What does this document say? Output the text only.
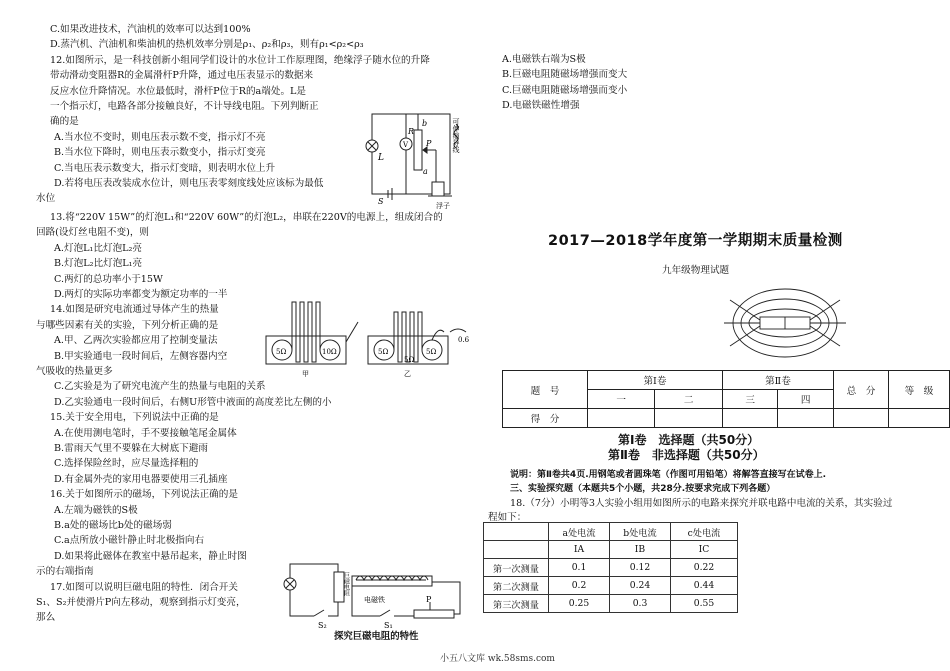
C.如果改进技术，汽油机的效率可以达到100%
D.蒸汽机、汽油机和柴油机的热机效率分别是ρ₁、ρ₂和ρ₃，则有ρ₁<ρ₂<ρ₃
12.如图所示，是一科技创新小组同学们设计的水位计工作原理图，绝缘浮子随水位的升降
带动滑动变阻器R的金属滑杆P升降，通过电压表显示的数据来
反应水位升降情况。水位最低时，滑杆P位于R的a端处。L是
一个指示灯，电路各部分接触良好，不计导线电阻。下列判断正
确的是
A.当水位不变时，则电压表示数不变，指示灯不亮
B.当水位下降时，则电压表示数变小，指示灯变亮
C.当电压表示数变大，指示灯变暗，则表明水位上升
D.若将电压表改装成水位计，则电压表零刻度线处应该标为最低
水位
13.将“220V 15W”的灯泡L₁和“220V 60W”的灯泡L₂，串联在220V的电源上，组成闭合的
回路(设灯丝电阻不变)，则
A.灯泡L₁比灯泡L₂亮
B.灯泡L₂比灯泡L₁亮
C.两灯的总功率小于15W
D.两灯的实际功率都变为额定功率的一半
14.如图是研究电流通过导体产生的热量
与哪些因素有关的实验，下列分析正确的是
A.甲、乙两次实验都应用了控制变量法
B.甲实验通电一段时间后，左侧容器内空
气吸收的热量更多
C.乙实验是为了研究电流产生的热量与电阻的关系
D.乙实验通电一段时间后，右侧U形管中液面的高度差比左侧的小
15.关于安全用电，下列说法中正确的是
A.在使用测电笔时，手不要接触笔尾金属体
B.雷雨天气里不要躲在大树底下避雨
C.选择保险丝时，应尽量选择粗的
D.有金属外壳的家用电器要使用三孔插座
16.关于如图所示的磁场，下列说法正确的是
A.左端为磁铁的S极
B.a处的磁场比b处的磁场弱
C.a点所放小磁针静止时北极指向右
D.如果将此磁体在教室中悬吊起来，静止时图
示的右端指南
17.如图可以说明巨磁电阻的特性．闭合开关
S₁、S₂并使滑片P向左移动，观察到指示灯变亮，
那么
L
V
b
a
R
P
S
可伸缩导线
浮子
5Ω	10Ω	5Ω
5Ω
5Ω
甲	乙
0.6
巨磁电阻
S₂	S₁
P
电磁铁
探究巨磁电阻的特性
A.电磁铁右端为S极
B.巨磁电阻随磁场增强而变大
C.巨磁电阻随磁场增强而变小
D.电磁铁磁性增强
2017—2018学年度第一学期期末质量检测
九年级物理试题
题　号	第Ⅰ卷		第Ⅱ卷		总　分	等　级
	一	二	三	四		
得　分						
第Ⅰ卷　选择题（共50分）
第Ⅱ卷　非选择题（共50分）
说明：第Ⅱ卷共4页.用钢笔或者圆珠笔（作图可用铅笔）将解答直接写在试卷上.
三、实验探究题（本题共5个小题，共28分.按要求完成下列各题）
18.（7分）小明等3人实验小组用如图所示的电路来探究并联电路中电流的关系，其实验过
程如下：
	a处电流	b处电流	c处电流
	IA	IB	IC
第一次测量	0.1	0.12	0.22
第二次测量	0.2	0.24	0.44
第三次测量	0.25	0.3	0.55
小五八文库 wk.58sms.com
